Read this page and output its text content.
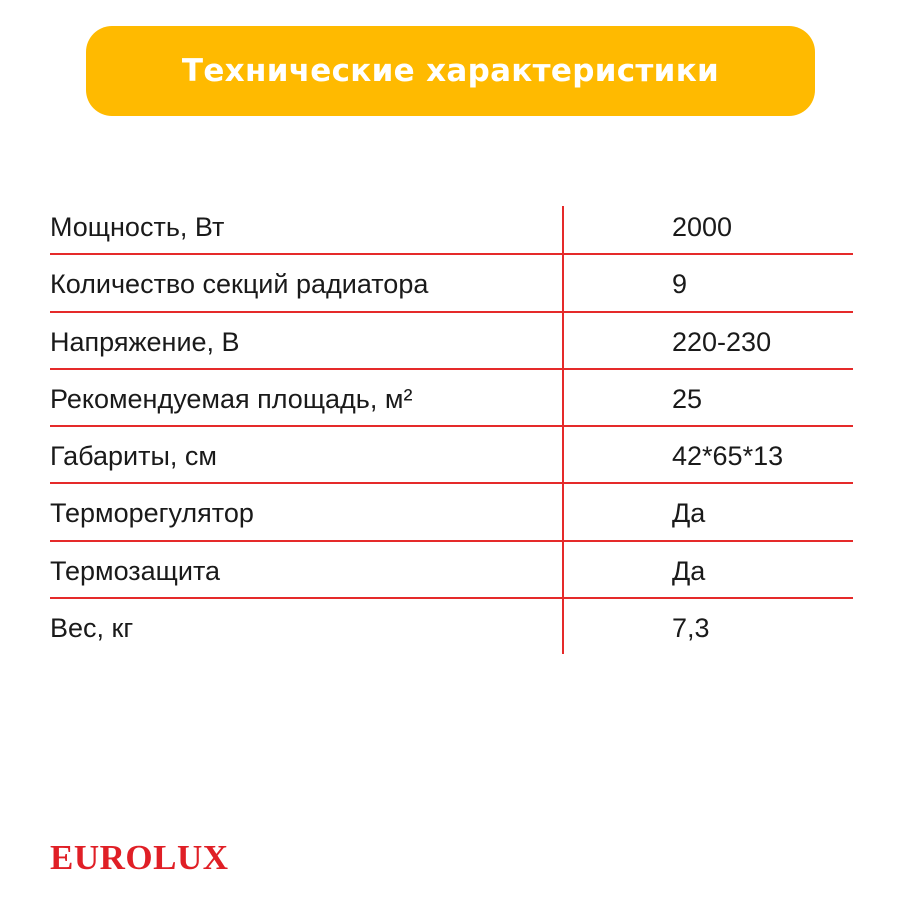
Технические характеристики
Мощность, Вт	2000
Количество секций радиатора	9
Напряжение, В	220-230
Рекомендуемая площадь, м²	25
Габариты, см	42*65*13
Терморегулятор	Да
Термозащита	Да
Вес, кг	7,3
EUROLUX
